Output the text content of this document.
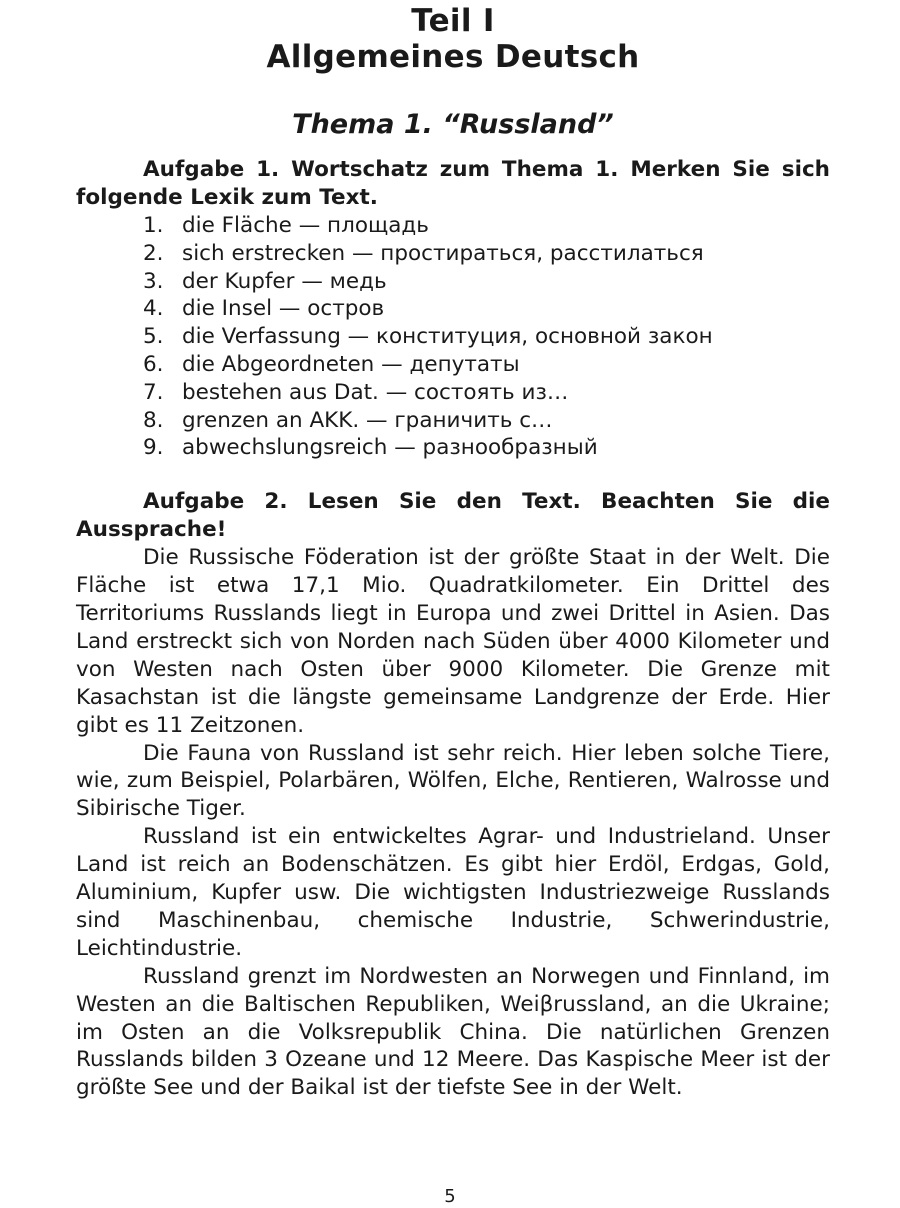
Teil I
Allgemeines Deutsch
Thema 1. “Russland”

Aufgabe 1. Wortschatz zum Thema 1. Merken Sie sich folgende Lexik zum Text.

1. die Fläche — площадь
2. sich erstrecken — простираться, расстилаться
3. der Kupfer — медь
4. die Insel — остров
5. die Verfassung — конституция, основной закон
6. die Abgeordneten — депутаты
7. bestehen aus Dat. — состоять из…
8. grenzen an AKK. — граничить с…
9. abwechslungsreich — разнообразный

Aufgabe 2. Lesen Sie den Text. Beachten Sie die Aussprache!

Die Russische Föderation ist der größte Staat in der Welt. Die Fläche ist etwa 17,1 Mio. Quadratkilometer. Ein Drittel des Territoriums Russlands liegt in Europa und zwei Drittel in Asien. Das Land erstreckt sich von Norden nach Süden über 4000 Kilometer und von Westen nach Osten über 9000 Kilometer. Die Grenze mit Kasachstan ist die längste gemeinsame Landgrenze der Erde. Hier gibt es 11 Zeitzonen.

Die Fauna von Russland ist sehr reich. Hier leben solche Tiere, wie, zum Beispiel, Polarbären, Wölfen, Elche, Rentieren, Walrosse und Sibirische Tiger.

Russland ist ein entwickeltes Agrar- und Industrieland. Unser Land ist reich an Bodenschätzen. Es gibt hier Erdöl, Erdgas, Gold, Aluminium, Kupfer usw. Die wichtigsten Industriezweige Russlands sind Maschinenbau, chemische Industrie, Schwerindustrie, Leichtindustrie.

Russland grenzt im Nordwesten an Norwegen und Finnland, im Westen an die Baltischen Republiken, Weiβrussland, an die Ukraine; im Osten an die Volksrepublik China. Die natürlichen Grenzen Russlands bilden 3 Ozeane und 12 Meere. Das Kaspische Meer ist der größte See und der Baikal ist der tiefste See in der Welt.

5
